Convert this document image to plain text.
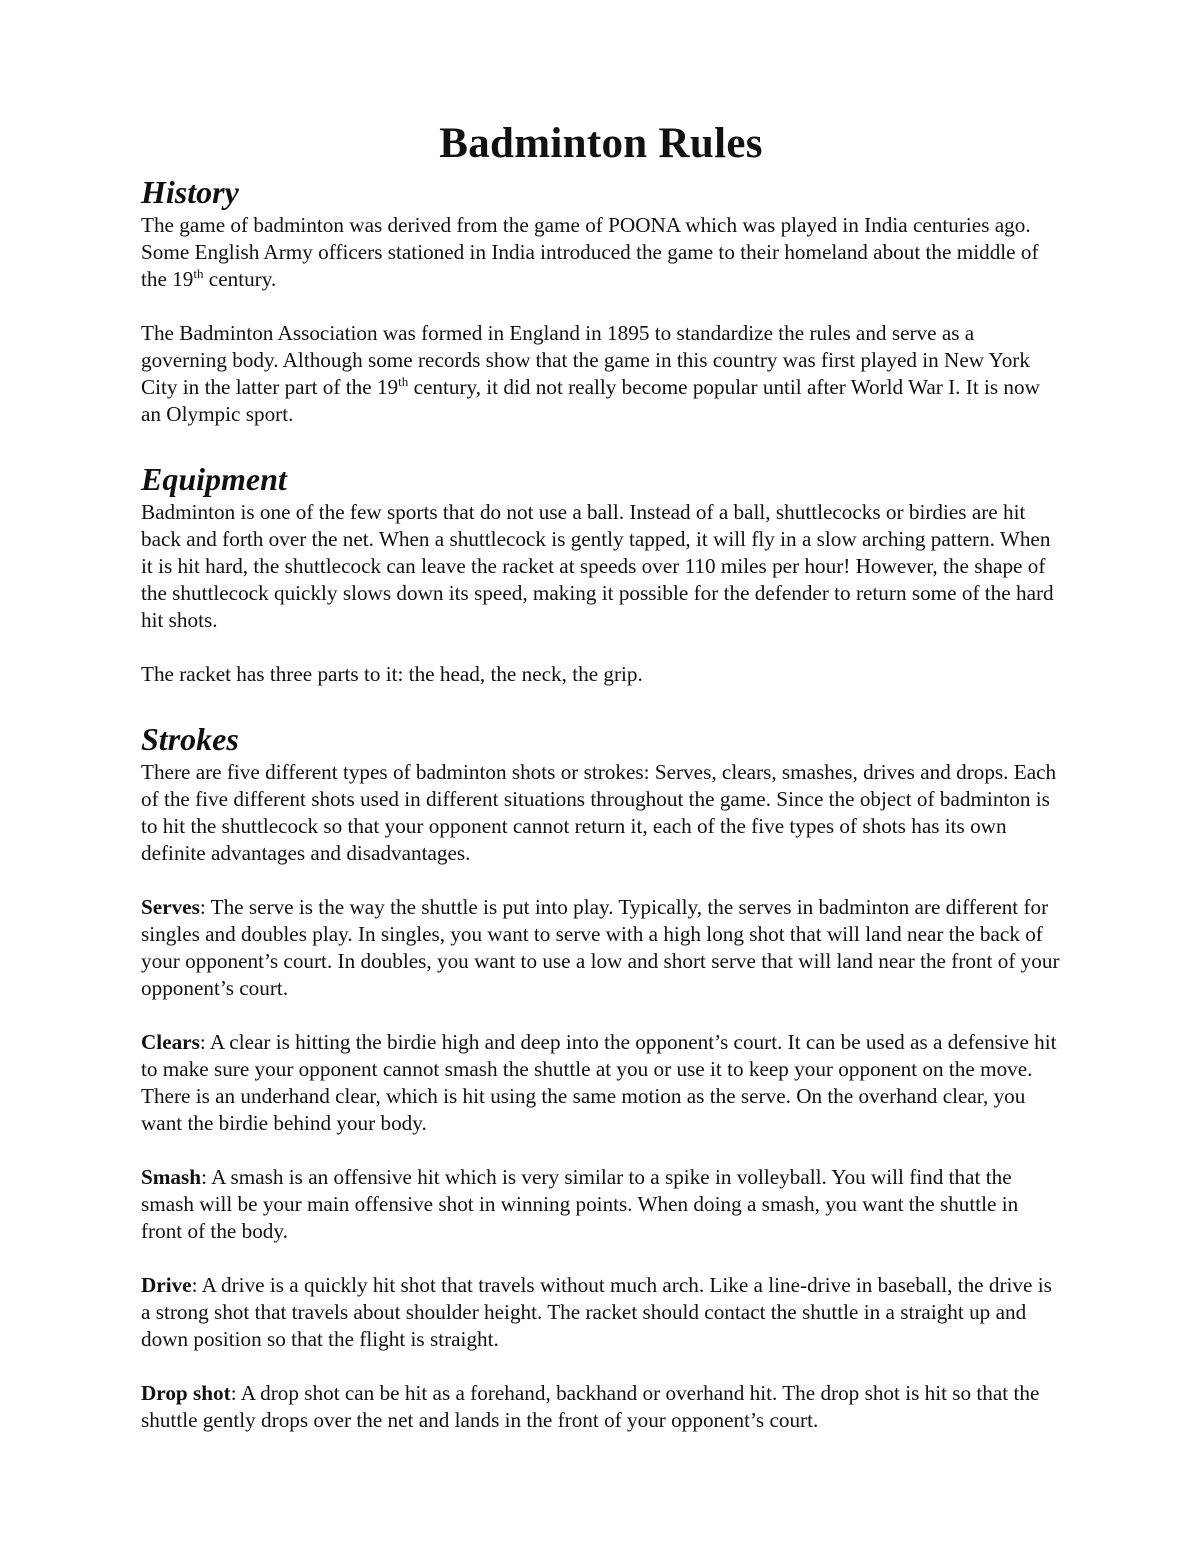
Badminton Rules
History

The game of badminton was derived from the game of POONA which was played in India centuries ago. Some English Army officers stationed in India introduced the game to their homeland about the middle of the 19th century.

The Badminton Association was formed in England in 1895 to standardize the rules and serve as a governing body. Although some records show that the game in this country was first played in New York City in the latter part of the 19th century, it did not really become popular until after World War I. It is now an Olympic sport.

Equipment

Badminton is one of the few sports that do not use a ball. Instead of a ball, shuttlecocks or birdies are hit back and forth over the net. When a shuttlecock is gently tapped, it will fly in a slow arching pattern. When it is hit hard, the shuttlecock can leave the racket at speeds over 110 miles per hour! However, the shape of the shuttlecock quickly slows down its speed, making it possible for the defender to return some of the hard hit shots.

The racket has three parts to it: the head, the neck, the grip.

Strokes

There are five different types of badminton shots or strokes: Serves, clears, smashes, drives and drops. Each of the five different shots used in different situations throughout the game. Since the object of badminton is to hit the shuttlecock so that your opponent cannot return it, each of the five types of shots has its own definite advantages and disadvantages.

Serves: The serve is the way the shuttle is put into play. Typically, the serves in badminton are different for singles and doubles play. In singles, you want to serve with a high long shot that will land near the back of your opponent’s court. In doubles, you want to use a low and short serve that will land near the front of your opponent’s court.

Clears: A clear is hitting the birdie high and deep into the opponent’s court. It can be used as a defensive hit to make sure your opponent cannot smash the shuttle at you or use it to keep your opponent on the move. There is an underhand clear, which is hit using the same motion as the serve. On the overhand clear, you want the birdie behind your body.

Smash: A smash is an offensive hit which is very similar to a spike in volleyball. You will find that the smash will be your main offensive shot in winning points. When doing a smash, you want the shuttle in front of the body.

Drive: A drive is a quickly hit shot that travels without much arch. Like a line-drive in baseball, the drive is a strong shot that travels about shoulder height. The racket should contact the shuttle in a straight up and down position so that the flight is straight.

Drop shot: A drop shot can be hit as a forehand, backhand or overhand hit. The drop shot is hit so that the shuttle gently drops over the net and lands in the front of your opponent’s court.
